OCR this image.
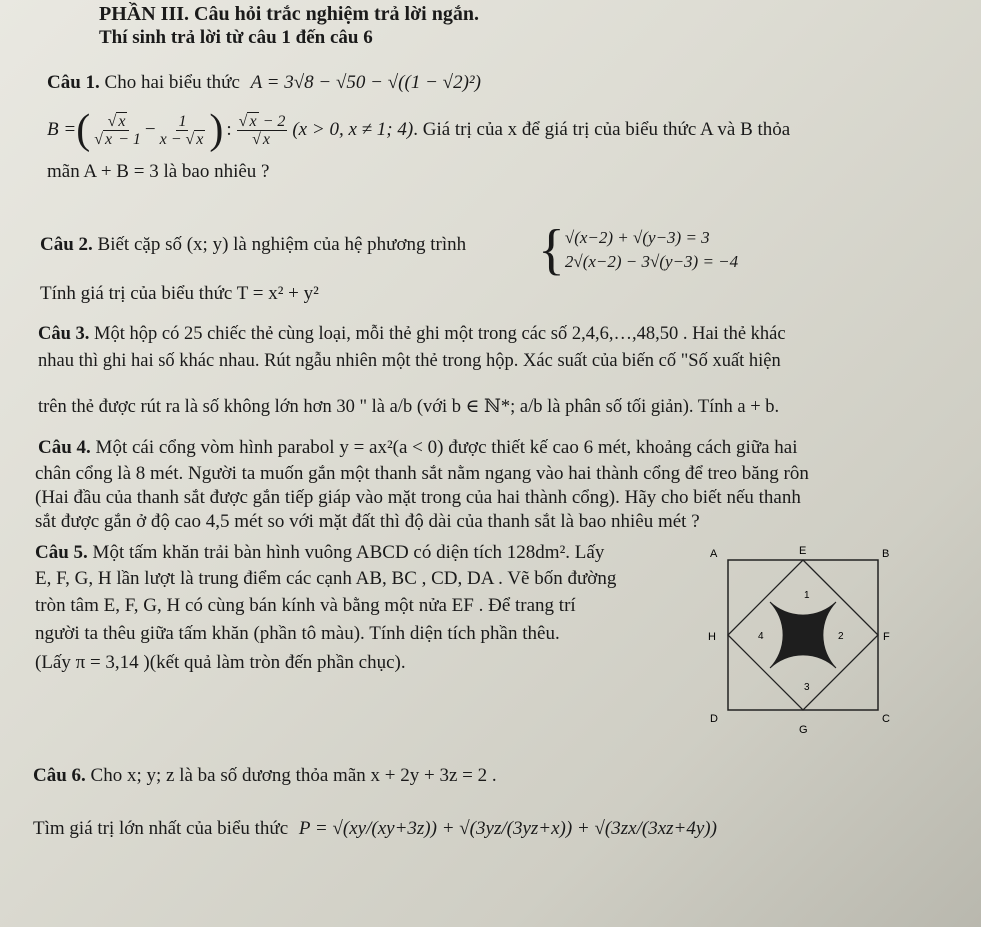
PHẦN III. Câu hỏi trắc nghiệm trả lời ngắn.
Thí sinh trả lời từ câu 1 đến câu 6
Câu 1. Cho hai biểu thức A = 3√8 − √50 − √((1 − √2)²)
B = ( $\frac{√ x}{√ x - 1} - \frac{1}{x - √ x}$ ) : $\frac{√ x - 2}{√ x} (x > 0$, x ≠ 1; 4) . Giá trị của x để giá trị của biểu thức A và B thỏa
mãn A + B = 3 là bao nhiêu ?
Câu 2. Biết cặp số (x; y) là nghiệm của hệ phương trình { √(x−2) + √(y−3) = 3
2√(x−2) − 3√(y−3) = −4
Tính giá trị của biểu thức T = x² + y²
Câu 3. Một hộp có 25 chiếc thẻ cùng loại, mỗi thẻ ghi một trong các số 2,4,6,…,48,50 . Hai thẻ khác
nhau thì ghi hai số khác nhau. Rút ngẫu nhiên một thẻ trong hộp. Xác suất của biến cố "Số xuất hiện
trên thẻ được rút ra là số không lớn hơn 30 " là a/b (với b ∈ ℕ*; a/b là phân số tối giản). Tính a + b.
Câu 4. Một cái cổng vòm hình parabol y = ax²(a < 0) được thiết kế cao 6 mét, khoảng cách giữa hai
chân cổng là 8 mét. Người ta muốn gắn một thanh sắt nằm ngang vào hai thành cổng để treo băng rôn
(Hai đầu của thanh sắt được gắn tiếp giáp vào mặt trong của hai thành cổng). Hãy cho biết nếu thanh
sắt được gắn ở độ cao 4,5 mét so với mặt đất thì độ dài của thanh sắt là bao nhiêu mét ?
Câu 5. Một tấm khăn trải bàn hình vuông ABCD có diện tích 128dm². Lấy
E, F, G, H lần lượt là trung điểm các cạnh AB, BC , CD, DA . Vẽ bốn đường
tròn tâm E, F, G, H có cùng bán kính và bằng một nửa EF . Để trang trí
người ta thêu giữa tấm khăn (phần tô màu). Tính diện tích phần thêu.
(Lấy π = 3,14 )(kết quả làm tròn đến phần chục).
A	E	B
H	F
D
G
C
1
2
3
4
Câu 6. Cho x; y; z là ba số dương thỏa mãn x + 2y + 3z = 2 .
Tìm giá trị lớn nhất của biểu thức P = √(xy/(xy+3z)) + √(3yz/(3yz+x)) + √(3zx/(3xz+4y))
